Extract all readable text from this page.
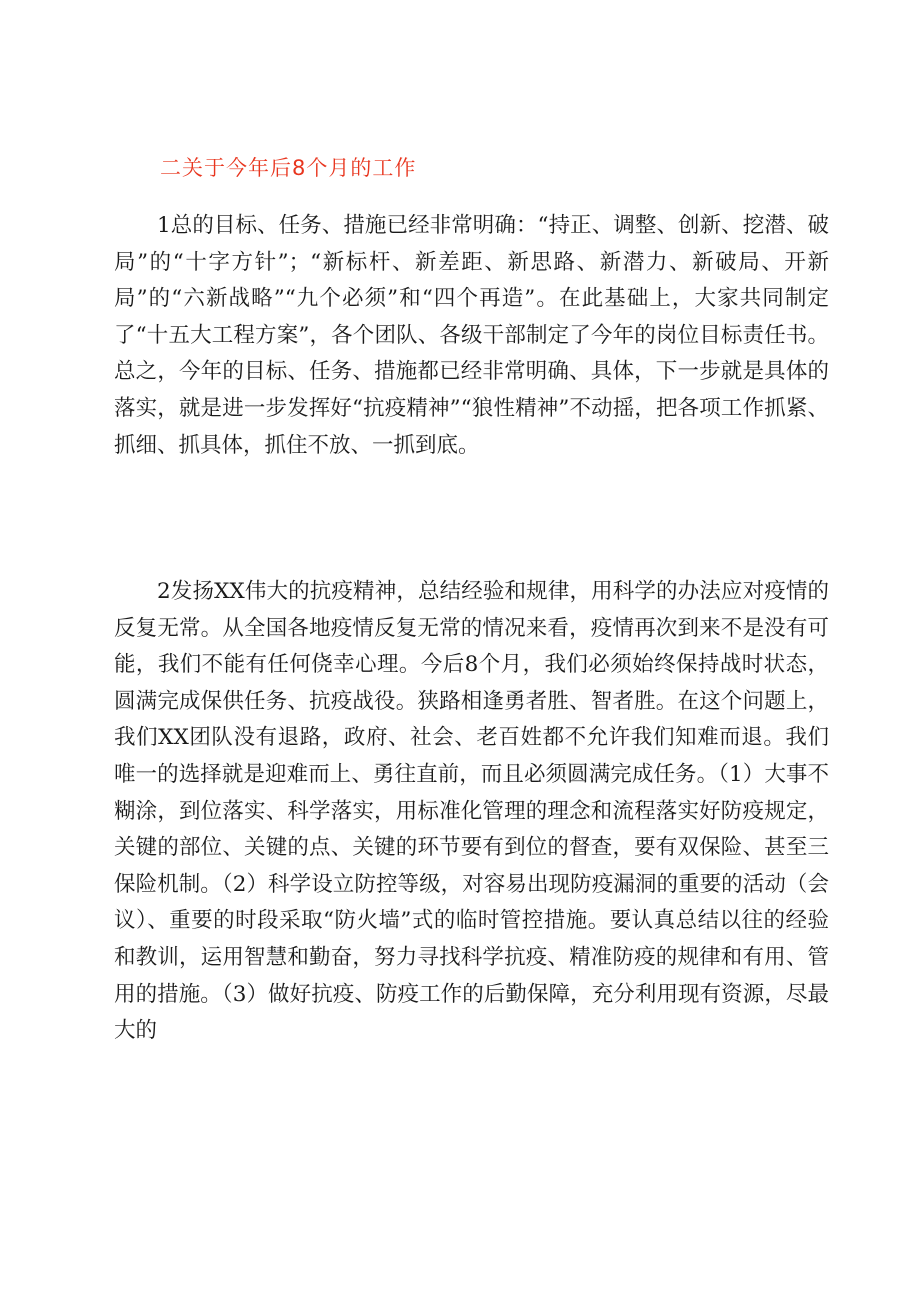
二关于今年后8个月的工作

1总的目标、任务、措施已经非常明确：“持正、调整、创新、挖潜、破局”的“十字方针”；“新标杆、新差距、新思路、新潜力、新破局、开新局”的“六新战略”“九个必须”和“四个再造”。在此基础上，大家共同制定了“十五大工程方案”，各个团队、各级干部制定了今年的岗位目标责任书。总之，今年的目标、任务、措施都已经非常明确、具体，下一步就是具体的落实，就是进一步发挥好“抗疫精神”“狼性精神”不动摇，把各项工作抓紧、抓细、抓具体，抓住不放、一抓到底。

2发扬XX伟大的抗疫精神，总结经验和规律，用科学的办法应对疫情的反复无常。从全国各地疫情反复无常的情况来看，疫情再次到来不是没有可能，我们不能有任何侥幸心理。今后8个月，我们必须始终保持战时状态，圆满完成保供任务、抗疫战役。狭路相逢勇者胜、智者胜。在这个问题上，我们XX团队没有退路，政府、社会、老百姓都不允许我们知难而退。我们唯一的选择就是迎难而上、勇往直前，而且必须圆满完成任务。（1）大事不糊涂，到位落实、科学落实，用标准化管理的理念和流程落实好防疫规定，关键的部位、关键的点、关键的环节要有到位的督查，要有双保险、甚至三保险机制。（2）科学设立防控等级，对容易出现防疫漏洞的重要的活动（会议）、重要的时段采取“防火墙”式的临时管控措施。要认真总结以往的经验和教训，运用智慧和勤奋，努力寻找科学抗疫、精准防疫的规律和有用、管用的措施。（3）做好抗疫、防疫工作的后勤保障，充分利用现有资源，尽最大的
